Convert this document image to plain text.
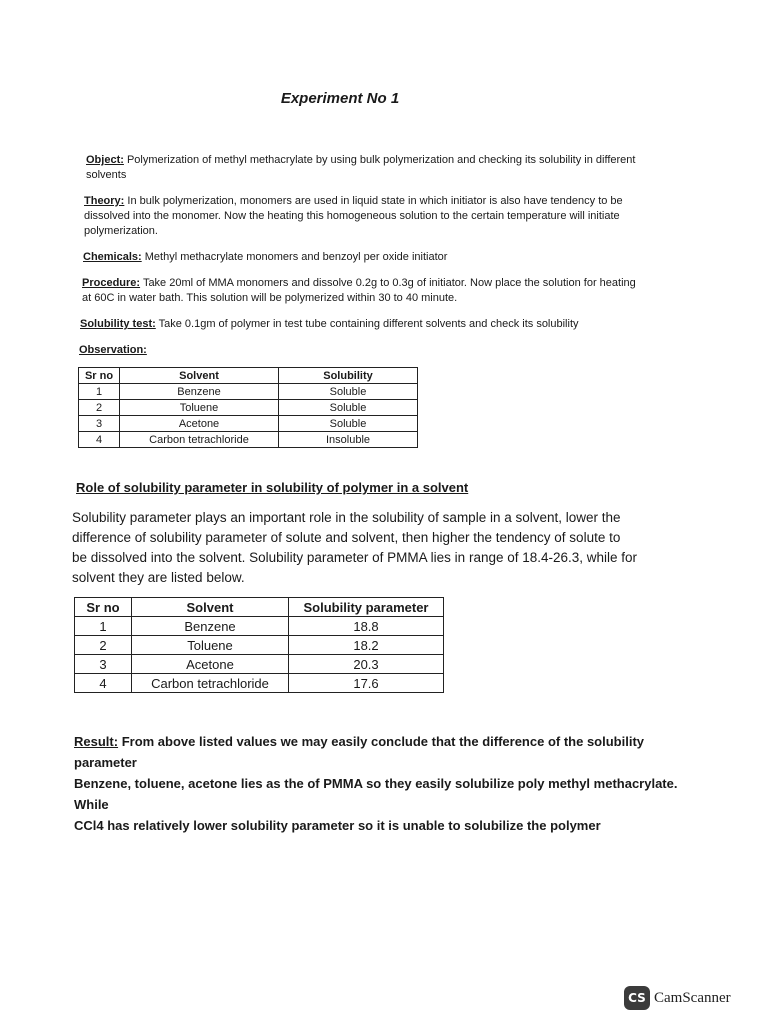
Experiment No 1
Object: Polymerization of methyl methacrylate by using bulk polymerization and checking its solubility in different solvents
Theory: In bulk polymerization, monomers are used in liquid state in which initiator is also have tendency to be dissolved into the monomer. Now the heating this homogeneous solution to the certain temperature will initiate polymerization.
Chemicals: Methyl methacrylate monomers and benzoyl per oxide initiator
Procedure: Take 20ml of MMA monomers and dissolve 0.2g to 0.3g of initiator. Now place the solution for heating at 60C in water bath. This solution will be polymerized within 30 to 40 minute.
Solubility test: Take 0.1gm of polymer in test tube containing different solvents and check its solubility
Observation:
Sr no	Solvent	Solubility
1	Benzene	Soluble
2	Toluene	Soluble
3	Acetone	Soluble
4	Carbon tetrachloride	Insoluble
Role of solubility parameter in solubility of polymer in a solvent
Solubility parameter plays an important role in the solubility of sample in a solvent, lower the
difference of solubility parameter of solute and solvent, then higher the tendency of solute to
be dissolved into the solvent. Solubility parameter of PMMA lies in range of 18.4-26.3, while for
solvent they are listed below.
Sr no	Solvent	Solubility parameter
1	Benzene	18.8
2	Toluene	18.2
3	Acetone	20.3
4	Carbon tetrachloride	17.6
Result: From above listed values we may easily conclude that the difference of the solubility parameter
Benzene, toluene, acetone lies as the of PMMA so they easily solubilize poly methyl methacrylate. While
CCl4 has relatively lower solubility parameter so it is unable to solubilize the polymer
CS CamScanner
